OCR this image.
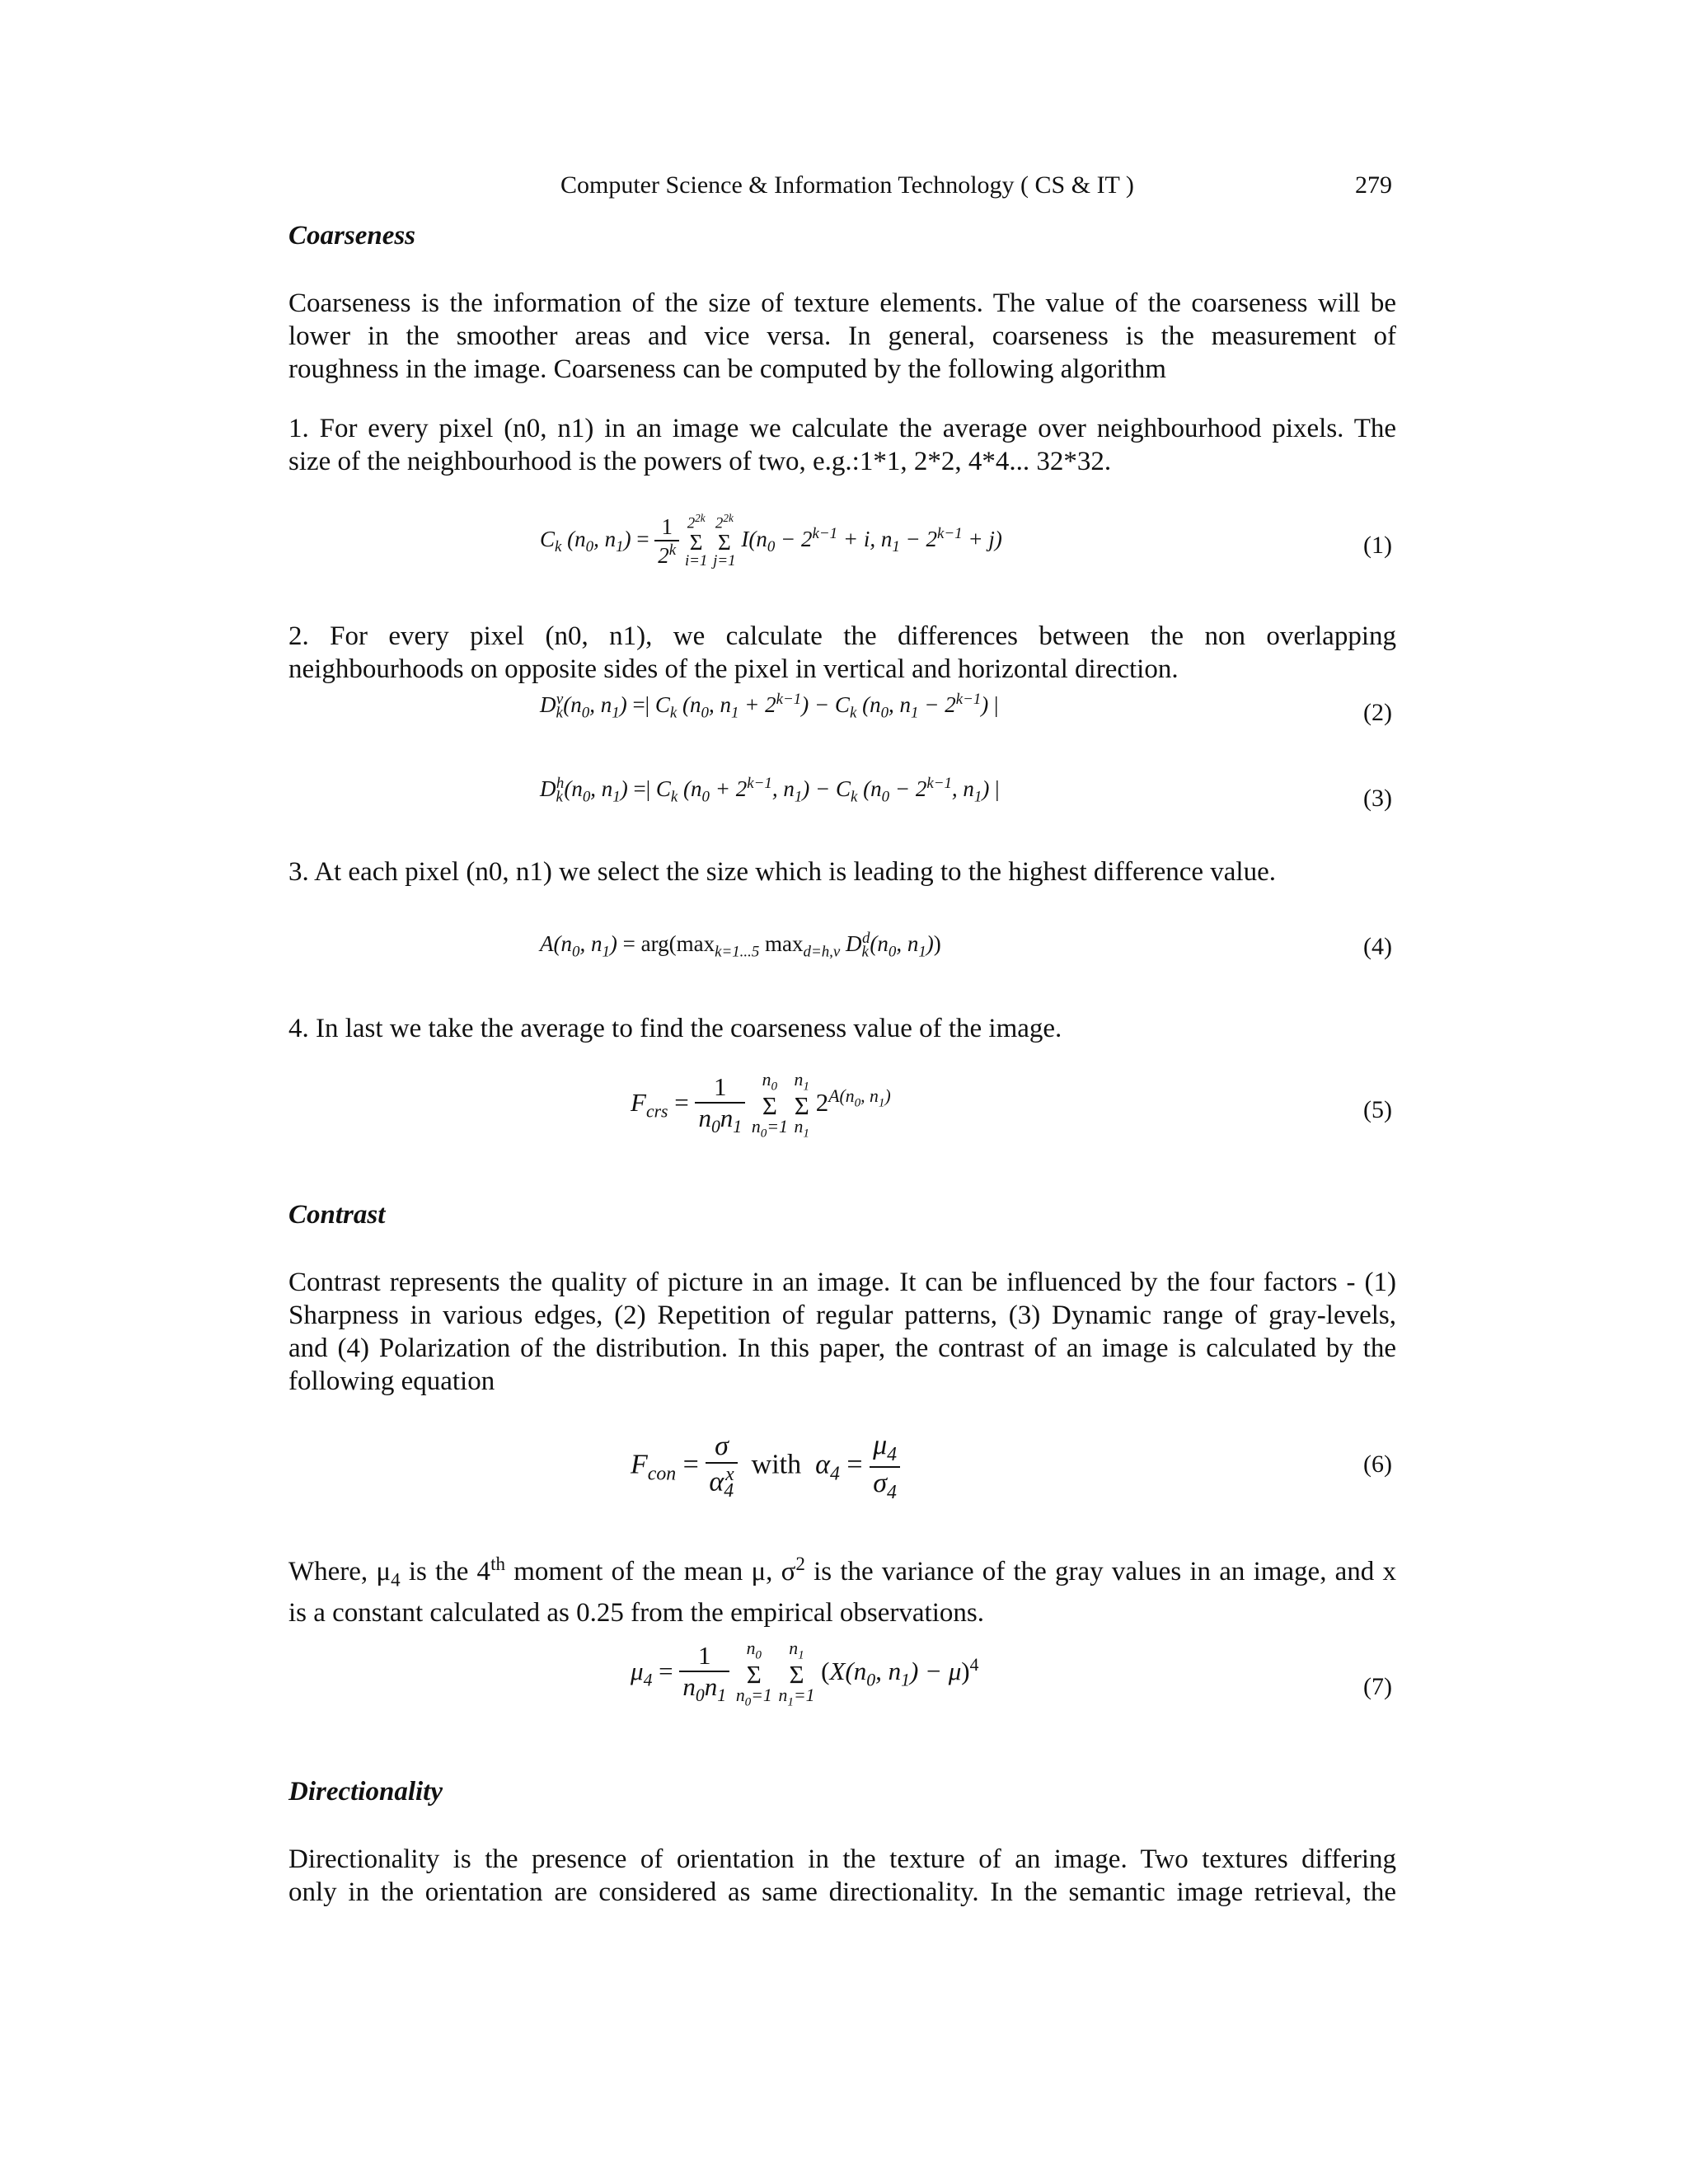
Computer Science & Information Technology ( CS & IT )	279
Coarseness
Coarseness is the information of the size of texture elements. The value of the coarseness will be
lower in the smoother areas and vice versa. In general, coarseness is the measurement of
roughness in the image. Coarseness can be computed by the following algorithm
1. For every pixel (n0, n1) in an image we calculate the average over neighbourhood pixels. The
size of the neighbourhood is the powers of two, e.g.:1*1, 2*2, 4*4... 32*32.
$C_k$ ($n_0$, $n_1) = \frac{1}{2^k}$
$2^{2k}$
Σ
i=1

$2^{2k}$
Σ
j=1
$I(n_0 - 2^{k-1} + i$, $n_1 - 2^{k-1} + j$)	(1)
2. For every pixel (n0, n1), we calculate the differences between the non overlapping
neighbourhoods on opposite sides of the pixel in vertical and horizontal direction.
$D_k^v(n_0$, $n_1$) =| $C_k$ ($n_0$, $n_1 + 2^{k-1}) - C_k$ ($n_0$, $n_1 - 2^{k-1}$) |	(2)
$D_k^h(n_0$, $n_1$) =| $C_k$ ($n_0 + 2^{k-1}$, $n_1) - C_k$ ($n_0 - 2^{k-1}$, $n_1$) |	(3)
3. At each pixel (n0, n1) we select the size which is leading to the highest difference value.
$A(n_0$, $n_1) = arg(\max_{k=1...5}$ $\max_{d=h,v} D_k^d(n_0$, $n_1$))	(4)
4. In last we take the average to find the coarseness value of the image.
$F_{crs} = \frac{1}{n_0n_1}$
$n_0$
Σ
$n_0=1$

$n_1$
Σ
$n_1$
$2^{A(n_0, n_1)}$
(5)
Contrast
Contrast represents the quality of picture in an image. It can be influenced by the four factors - (1)
Sharpness in various edges, (2) Repetition of regular patterns, (3) Dynamic range of gray-levels,
and (4) Polarization of the distribution. In this paper, the contrast of an image is calculated by the
following equation
$F_{con} = \frac{\sigma}{\alpha_4^x}$ with  $\alpha_4 = \frac{\mu_4}{\sigma_4}$	(6)
Where, $\mu_4$ is the 4th moment of the mean μ, $\sigma^2$ is the variance of the gray values in an image, and x
is a constant calculated as 0.25 from the empirical observations.
$\mu_4 = \frac{1}{n_0n_1}$
$n_0$
Σ
$n_0=1$

$n_1$
Σ
$n_1=1$
($X(n_0$, $n_1) - \mu)^4$
(7)
Directionality
Directionality is the presence of orientation in the texture of an image. Two textures differing
only in the orientation are considered as same directionality. In the semantic image retrieval, the
